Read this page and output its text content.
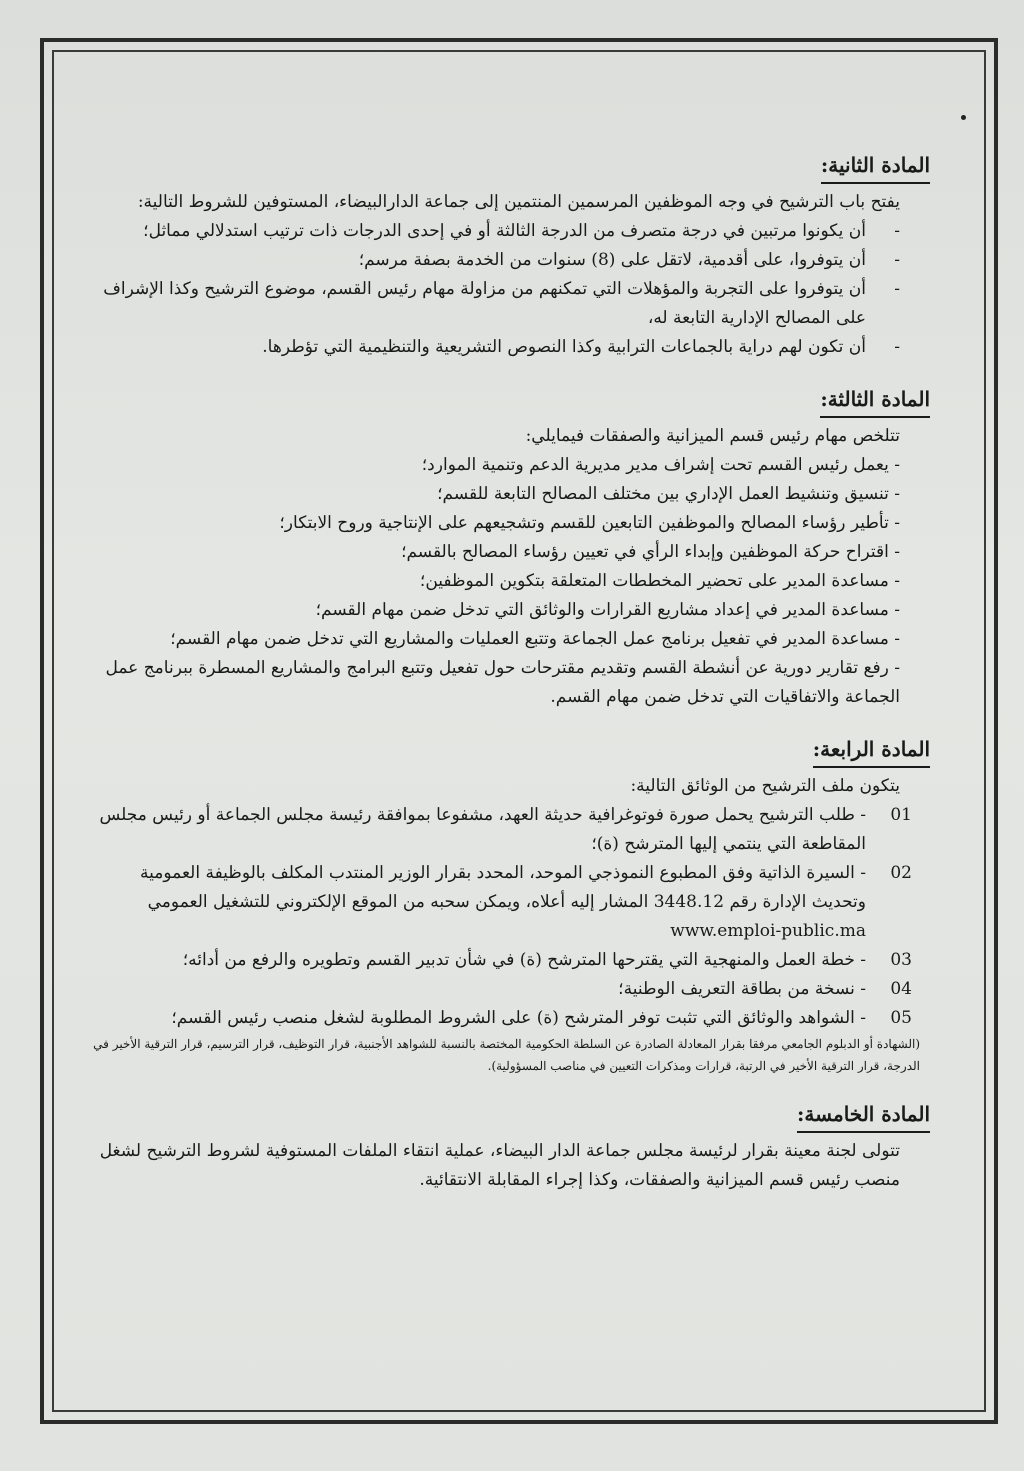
المادة الثانية:
يفتح باب الترشيح في وجه الموظفين المرسمين المنتمين إلى جماعة الدارالبيضاء، المستوفين للشروط التالية:
-
أن يكونوا مرتبين في درجة متصرف من الدرجة الثالثة أو في إحدى الدرجات ذات ترتيب استدلالي مماثل؛
-
أن يتوفروا، على أقدمية، لاتقل على (8) سنوات من الخدمة بصفة مرسم؛
-
أن يتوفروا على التجربة والمؤهلات التي تمكنهم من مزاولة مهام رئيس القسم، موضوع الترشيح وكذا الإشراف على المصالح الإدارية التابعة له،
-
أن تكون لهم دراية بالجماعات الترابية وكذا النصوص التشريعية والتنظيمية التي تؤطرها.
المادة الثالثة:
تتلخص مهام رئيس قسم الميزانية والصفقات فيمايلي:
- يعمل رئيس القسم تحت إشراف مدير مديرية الدعم وتنمية الموارد؛
- تنسيق وتنشيط العمل الإداري بين مختلف المصالح التابعة للقسم؛
- تأطير رؤساء المصالح والموظفين التابعين للقسم وتشجيعهم على الإنتاجية وروح الابتكار؛
- اقتراح حركة الموظفين وإبداء الرأي في تعيين رؤساء المصالح بالقسم؛
- مساعدة المدير على تحضير المخططات المتعلقة بتكوين الموظفين؛
- مساعدة المدير في إعداد مشاريع القرارات والوثائق التي تدخل ضمن مهام القسم؛
- مساعدة المدير في تفعيل برنامج عمل الجماعة وتتبع العمليات والمشاريع التي تدخل ضمن مهام القسم؛
- رفع تقارير دورية عن أنشطة القسم وتقديم مقترحات حول تفعيل وتتبع البرامج والمشاريع المسطرة ببرنامج عمل الجماعة والاتفاقيات التي تدخل ضمن مهام القسم.
المادة الرابعة:
يتكون ملف الترشيح من الوثائق التالية:
01
- طلب الترشيح يحمل صورة فوتوغرافية حديثة العهد، مشفوعا بموافقة رئيسة مجلس الجماعة أو رئيس مجلس المقاطعة التي ينتمي إليها المترشح (ة)؛
02
- السيرة الذاتية وفق المطبوع النموذجي الموحد، المحدد بقرار الوزير المنتدب المكلف بالوظيفة العمومية وتحديث الإدارة رقم 3448.12 المشار إليه أعلاه، ويمكن سحبه من الموقع الإلكتروني للتشغيل العمومي www.emploi-public.ma
03
- خطة العمل والمنهجية التي يقترحها المترشح (ة) في شأن تدبير القسم وتطويره والرفع من أدائه؛
04
- نسخة من بطاقة التعريف الوطنية؛
05
- الشواهد والوثائق التي تثبت توفر المترشح (ة) على الشروط المطلوبة لشغل منصب رئيس القسم؛
(الشهادة أو الدبلوم الجامعي مرفقا بقرار المعادلة الصادرة عن السلطة الحكومية المختصة بالنسبة للشواهد الأجنبية، قرار التوظيف، قرار الترسيم، قرار الترقية الأخير في الدرجة، قرار الترقية الأخير في الرتبة، قرارات ومذكرات التعيين في مناصب المسؤولية).
المادة الخامسة:
تتولى لجنة معينة بقرار لرئيسة مجلس جماعة الدار البيضاء، عملية انتقاء الملفات المستوفية لشروط الترشيح لشغل منصب رئيس قسم الميزانية والصفقات، وكذا إجراء المقابلة الانتقائية.
